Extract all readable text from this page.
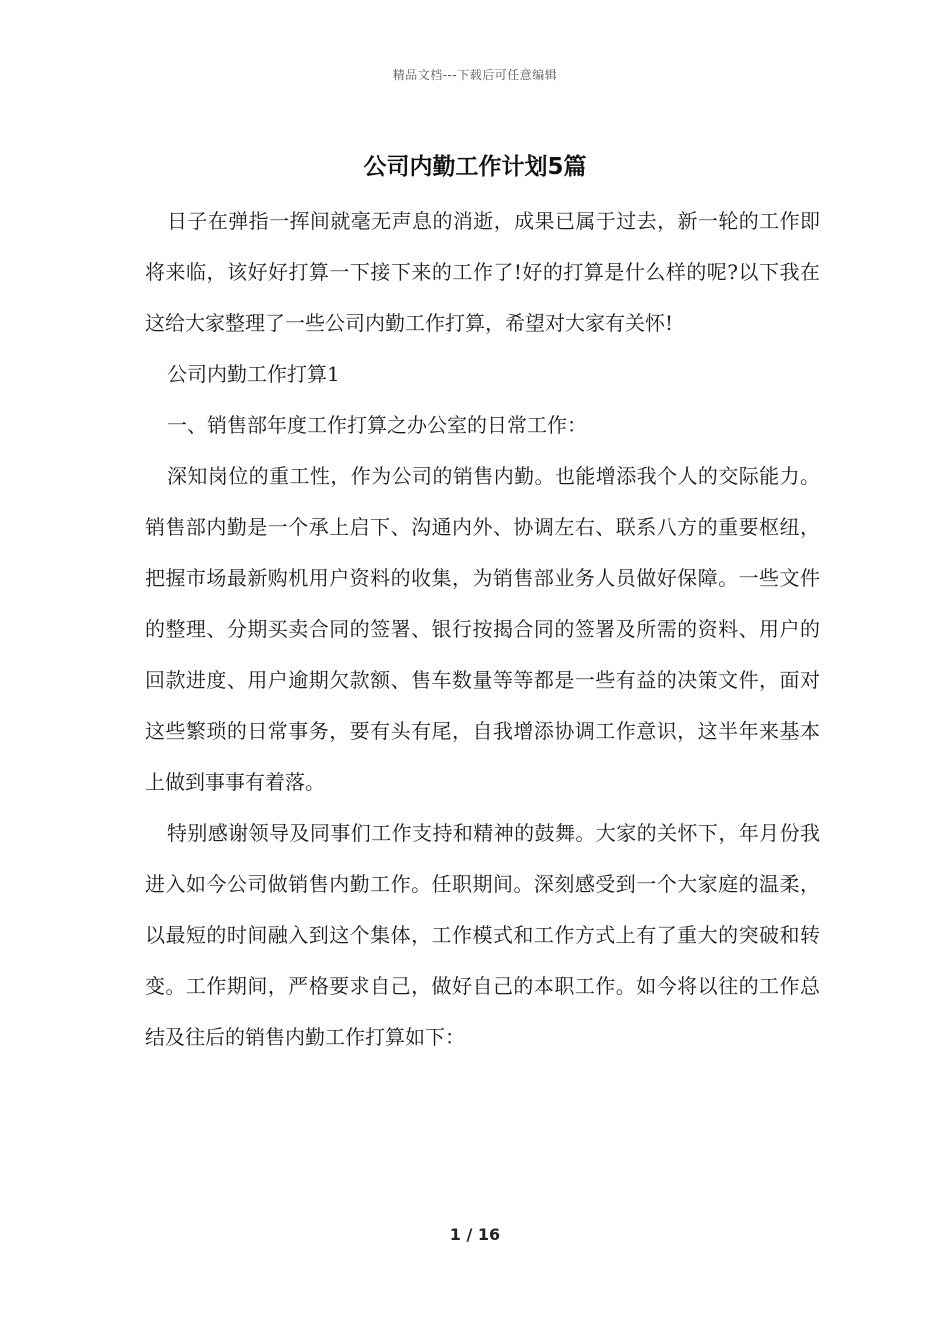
精品文档---下载后可任意编辑
公司内勤工作计划5篇

日子在弹指一挥间就毫无声息的消逝，成果已属于过去，新一轮的工作即将来临，该好好打算一下接下来的工作了!好的打算是什么样的呢?以下我在这给大家整理了一些公司内勤工作打算，希望对大家有关怀!

公司内勤工作打算1

一、销售部年度工作打算之办公室的日常工作：

深知岗位的重工性，作为公司的销售内勤。也能增添我个人的交际能力。销售部内勤是一个承上启下、沟通内外、协调左右、联系八方的重要枢纽，把握市场最新购机用户资料的收集，为销售部业务人员做好保障。一些文件的整理、分期买卖合同的签署、银行按揭合同的签署及所需的资料、用户的回款进度、用户逾期欠款额、售车数量等等都是一些有益的决策文件，面对这些繁琐的日常事务，要有头有尾，自我增添协调工作意识，这半年来基本上做到事事有着落。

特别感谢领导及同事们工作支持和精神的鼓舞。大家的关怀下，年月份我进入如今公司做销售内勤工作。任职期间。深刻感受到一个大家庭的温柔，以最短的时间融入到这个集体，工作模式和工作方式上有了重大的突破和转变。工作期间，严格要求自己，做好自己的本职工作。如今将以往的工作总结及往后的销售内勤工作打算如下：

1 / 16
